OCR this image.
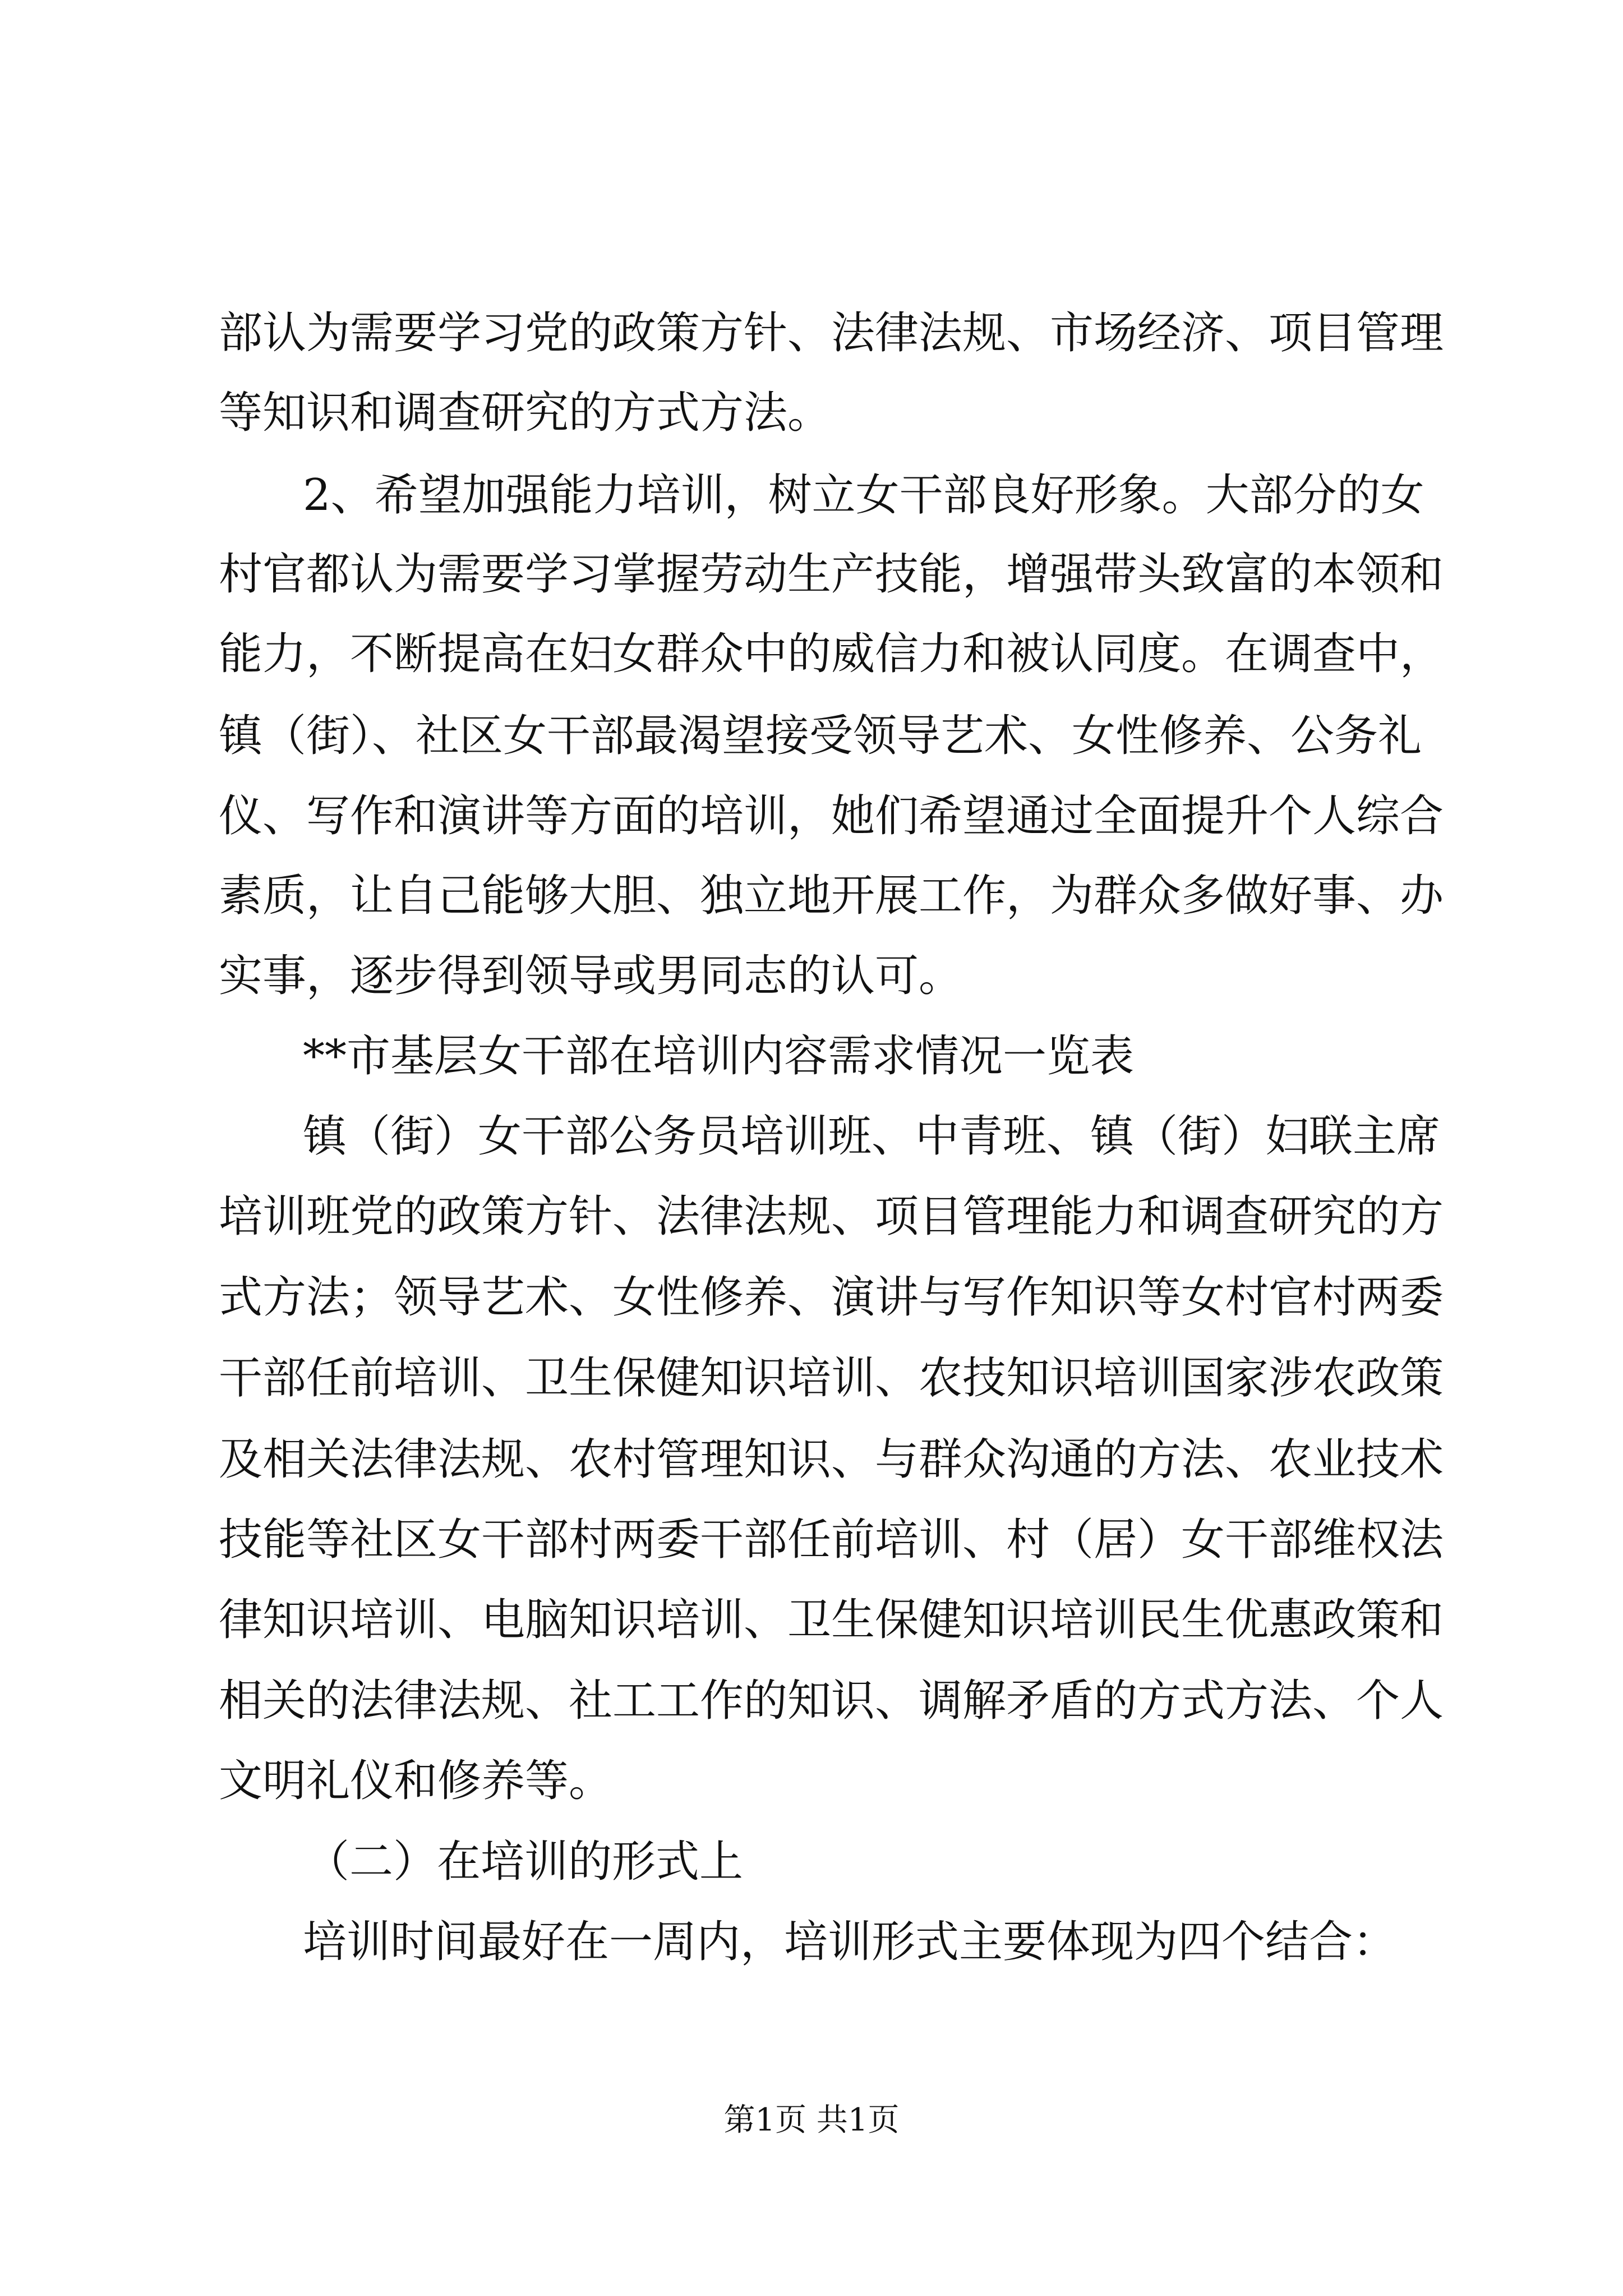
部认为需要学习党的政策方针、法律法规、市场经济、项目管理
等知识和调查研究的方式方法。
2、希望加强能力培训，树立女干部良好形象。大部分的女
村官都认为需要学习掌握劳动生产技能，增强带头致富的本领和
能力，不断提高在妇女群众中的威信力和被认同度。在调查中，
镇（街）、社区女干部最渴望接受领导艺术、女性修养、公务礼
仪、写作和演讲等方面的培训，她们希望通过全面提升个人综合
素质，让自己能够大胆、独立地开展工作，为群众多做好事、办
实事，逐步得到领导或男同志的认可。
**市基层女干部在培训内容需求情况一览表
镇（街）女干部公务员培训班、中青班、镇（街）妇联主席
培训班党的政策方针、法律法规、项目管理能力和调查研究的方
式方法；领导艺术、女性修养、演讲与写作知识等女村官村两委
干部任前培训、卫生保健知识培训、农技知识培训国家涉农政策
及相关法律法规、农村管理知识、与群众沟通的方法、农业技术
技能等社区女干部村两委干部任前培训、村（居）女干部维权法
律知识培训、电脑知识培训、卫生保健知识培训民生优惠政策和
相关的法律法规、社工工作的知识、调解矛盾的方式方法、个人
文明礼仪和修养等。
（二）在培训的形式上
培训时间最好在一周内，培训形式主要体现为四个结合：
第1页 共1页
